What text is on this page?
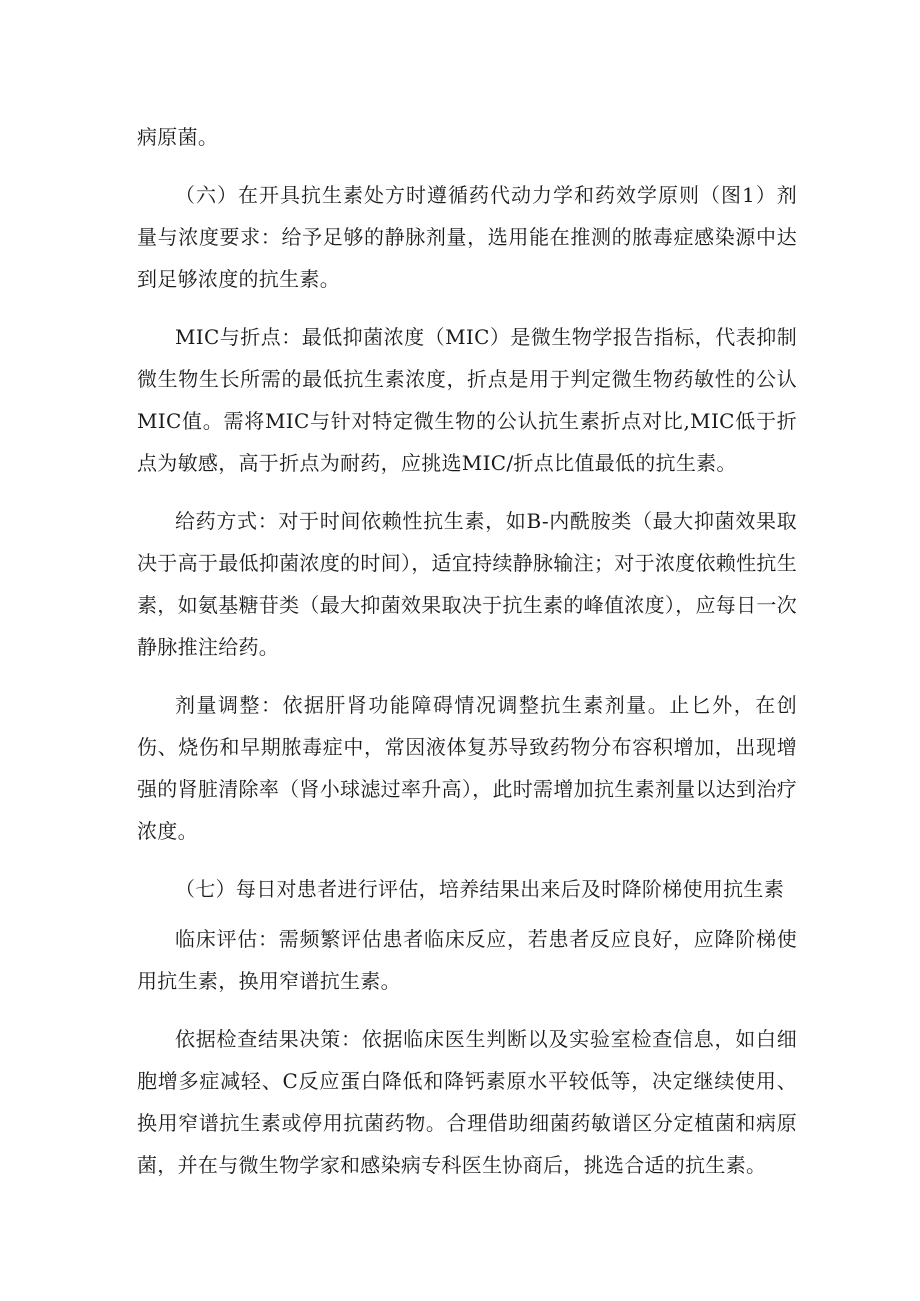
病原菌。

（六）在开具抗生素处方时遵循药代动力学和药效学原则（图1）剂量与浓度要求：给予足够的静脉剂量，选用能在推测的脓毒症感染源中达到足够浓度的抗生素。

MIC与折点：最低抑菌浓度（MIC）是微生物学报告指标，代表抑制微生物生长所需的最低抗生素浓度，折点是用于判定微生物药敏性的公认MIC值。需将MIC与针对特定微生物的公认抗生素折点对比,MIC低于折点为敏感，高于折点为耐药，应挑选MIC/折点比值最低的抗生素。

给药方式：对于时间依赖性抗生素，如B-内酰胺类（最大抑菌效果取决于高于最低抑菌浓度的时间），适宜持续静脉输注；对于浓度依赖性抗生素，如氨基糖苷类（最大抑菌效果取决于抗生素的峰值浓度），应每日一次静脉推注给药。

剂量调整：依据肝肾功能障碍情况调整抗生素剂量。止匕外，在创伤、烧伤和早期脓毒症中，常因液体复苏导致药物分布容积增加，出现增强的肾脏清除率（肾小球滤过率升高），此时需增加抗生素剂量以达到治疗浓度。

（七）每日对患者进行评估，培养结果出来后及时降阶梯使用抗生素

临床评估：需频繁评估患者临床反应，若患者反应良好，应降阶梯使用抗生素，换用窄谱抗生素。

依据检查结果决策：依据临床医生判断以及实验室检查信息，如白细胞增多症减轻、C反应蛋白降低和降钙素原水平较低等，决定继续使用、换用窄谱抗生素或停用抗菌药物。合理借助细菌药敏谱区分定植菌和病原菌，并在与微生物学家和感染病专科医生协商后，挑选合适的抗生素。
